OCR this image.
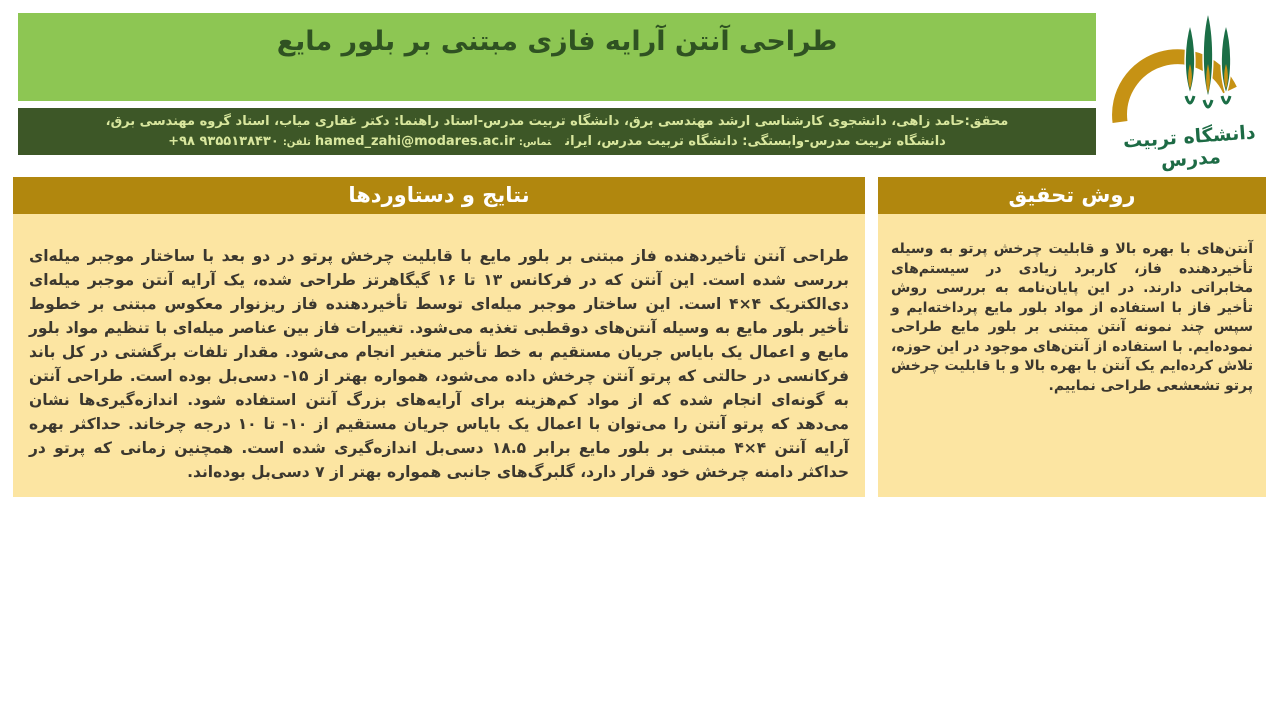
طراحی آنتن آرایه فازی مبتنی بر بلور مایع
محقق:حامد زاهی، دانشجوی کارشناسی ارشد مهندسی برق، دانشگاه تربیت مدرس-استاد راهنما: دکتر غفاری میاب، استاد گروه مهندسی برق،
دانشگاه تربیت مدرس-وابستگی: دانشگاه تربیت مدرس، ایرانتماس:hamed_zahi@modares.ac.irتلفن:+۹۸ ۹۳۵۵۱۳۸۴۳۰	دانشگاه تربیت مدرس
نتایج و دستاوردها
طراحی آنتن تأخیردهنده فاز مبتنی بر بلور مایع با قابلیت چرخش پرتو در دو بعد با ساختار موجبر میله‌ای بررسی شده است. این آنتن که در فرکانس ۱۳ تا ۱۶ گیگاهرتز طراحی شده، یک آرایه آنتن موجبر میله‌ای دی‌الکتریک ۴×۴ است. این ساختار موجبر میله‌ای توسط تأخیردهنده فاز ریزنوار معکوس مبتنی بر خطوط تأخیر بلور مایع به وسیله آنتن‌های دوقطبی تغذیه می‌شود. تغییرات فاز بین عناصر میله‌ای با تنظیم مواد بلور مایع و اعمال یک بایاس جریان مستقیم به خط تأخیر متغیر انجام می‌شود. مقدار تلفات برگشتی در کل باند فرکانسی در حالتی که پرتو آنتن چرخش داده می‌شود، همواره بهتر از ۱۵- دسی‌بل بوده است. طراحی آنتن به گونه‌ای انجام شده که از مواد کم‌هزینه برای آرایه‌های بزرگ آنتن استفاده شود. اندازه‌گیری‌ها نشان می‌دهد که پرتو آنتن را می‌توان با اعمال یک بایاس جریان مستقیم از ۱۰- تا ۱۰ درجه چرخاند. حداکثر بهره آرایه آنتن ۴×۴ مبتنی بر بلور مایع برابر ۱۸.۵ دسی‌بل اندازه‌گیری شده است. همچنین زمانی که پرتو در حداکثر دامنه چرخش خود قرار دارد، گلبرگ‌های جانبی همواره بهتر از ۷ دسی‌بل بوده‌اند.
روش تحقیق
آنتن‌های با بهره بالا و قابلیت چرخش پرتو به وسیله تأخیردهنده فاز، کاربرد زیادی در سیستم‌های مخابراتی دارند. در این پایان‌نامه به بررسی روش تأخیر فاز با استفاده از مواد بلور مایع پرداخته‌ایم و سپس چند نمونه آنتن مبتنی بر بلور مایع طراحی نموده‌ایم. با استفاده از آنتن‌های موجود در این حوزه، تلاش کرده‌ایم یک آنتن با بهره بالا و با قابلیت چرخش پرتو تشعشعی طراحی نماییم.
